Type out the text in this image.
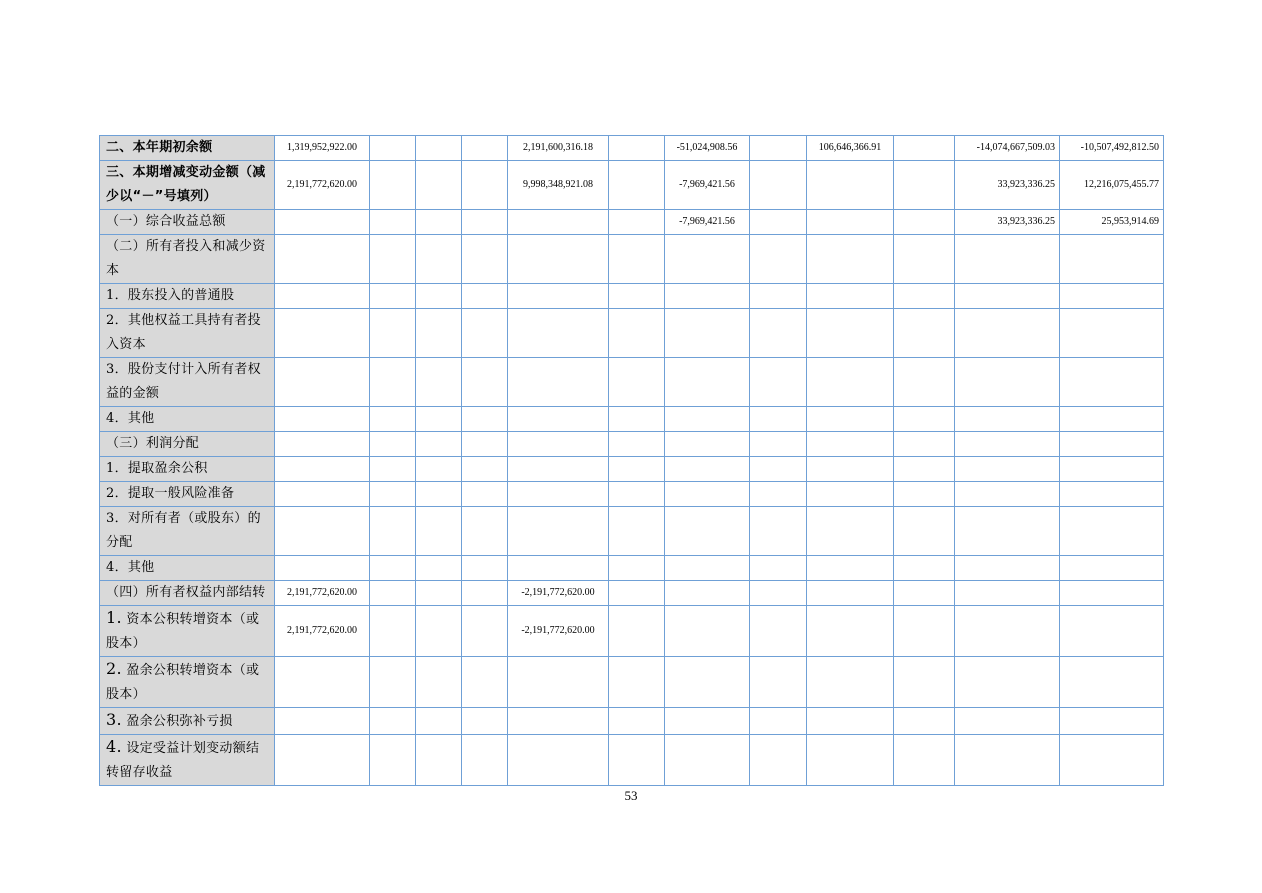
二、本年期初余额	1,319,952,922.00				2,191,600,316.18		-51,024,908.56		106,646,366.91		-14,074,667,509.03	-10,507,492,812.50
三、本期增减变动金额（减少以“－”号填列）	2,191,772,620.00				9,998,348,921.08		-7,969,421.56				33,923,336.25	12,216,075,455.77
（一）综合收益总额							-7,969,421.56				33,923,336.25	25,953,914.69
（二）所有者投入和减少资本												
1．股东投入的普通股												
2．其他权益工具持有者投入资本												
3．股份支付计入所有者权益的金额												
4．其他												
（三）利润分配												
1．提取盈余公积												
2．提取一般风险准备												
3．对所有者（或股东）的分配												
4．其他												
（四）所有者权益内部结转	2,191,772,620.00				-2,191,772,620.00							
1. 资本公积转增资本（或股本）	2,191,772,620.00				-2,191,772,620.00							
2. 盈余公积转增资本（或股本）												
3. 盈余公积弥补亏损												
4. 设定受益计划变动额结转留存收益												
53
